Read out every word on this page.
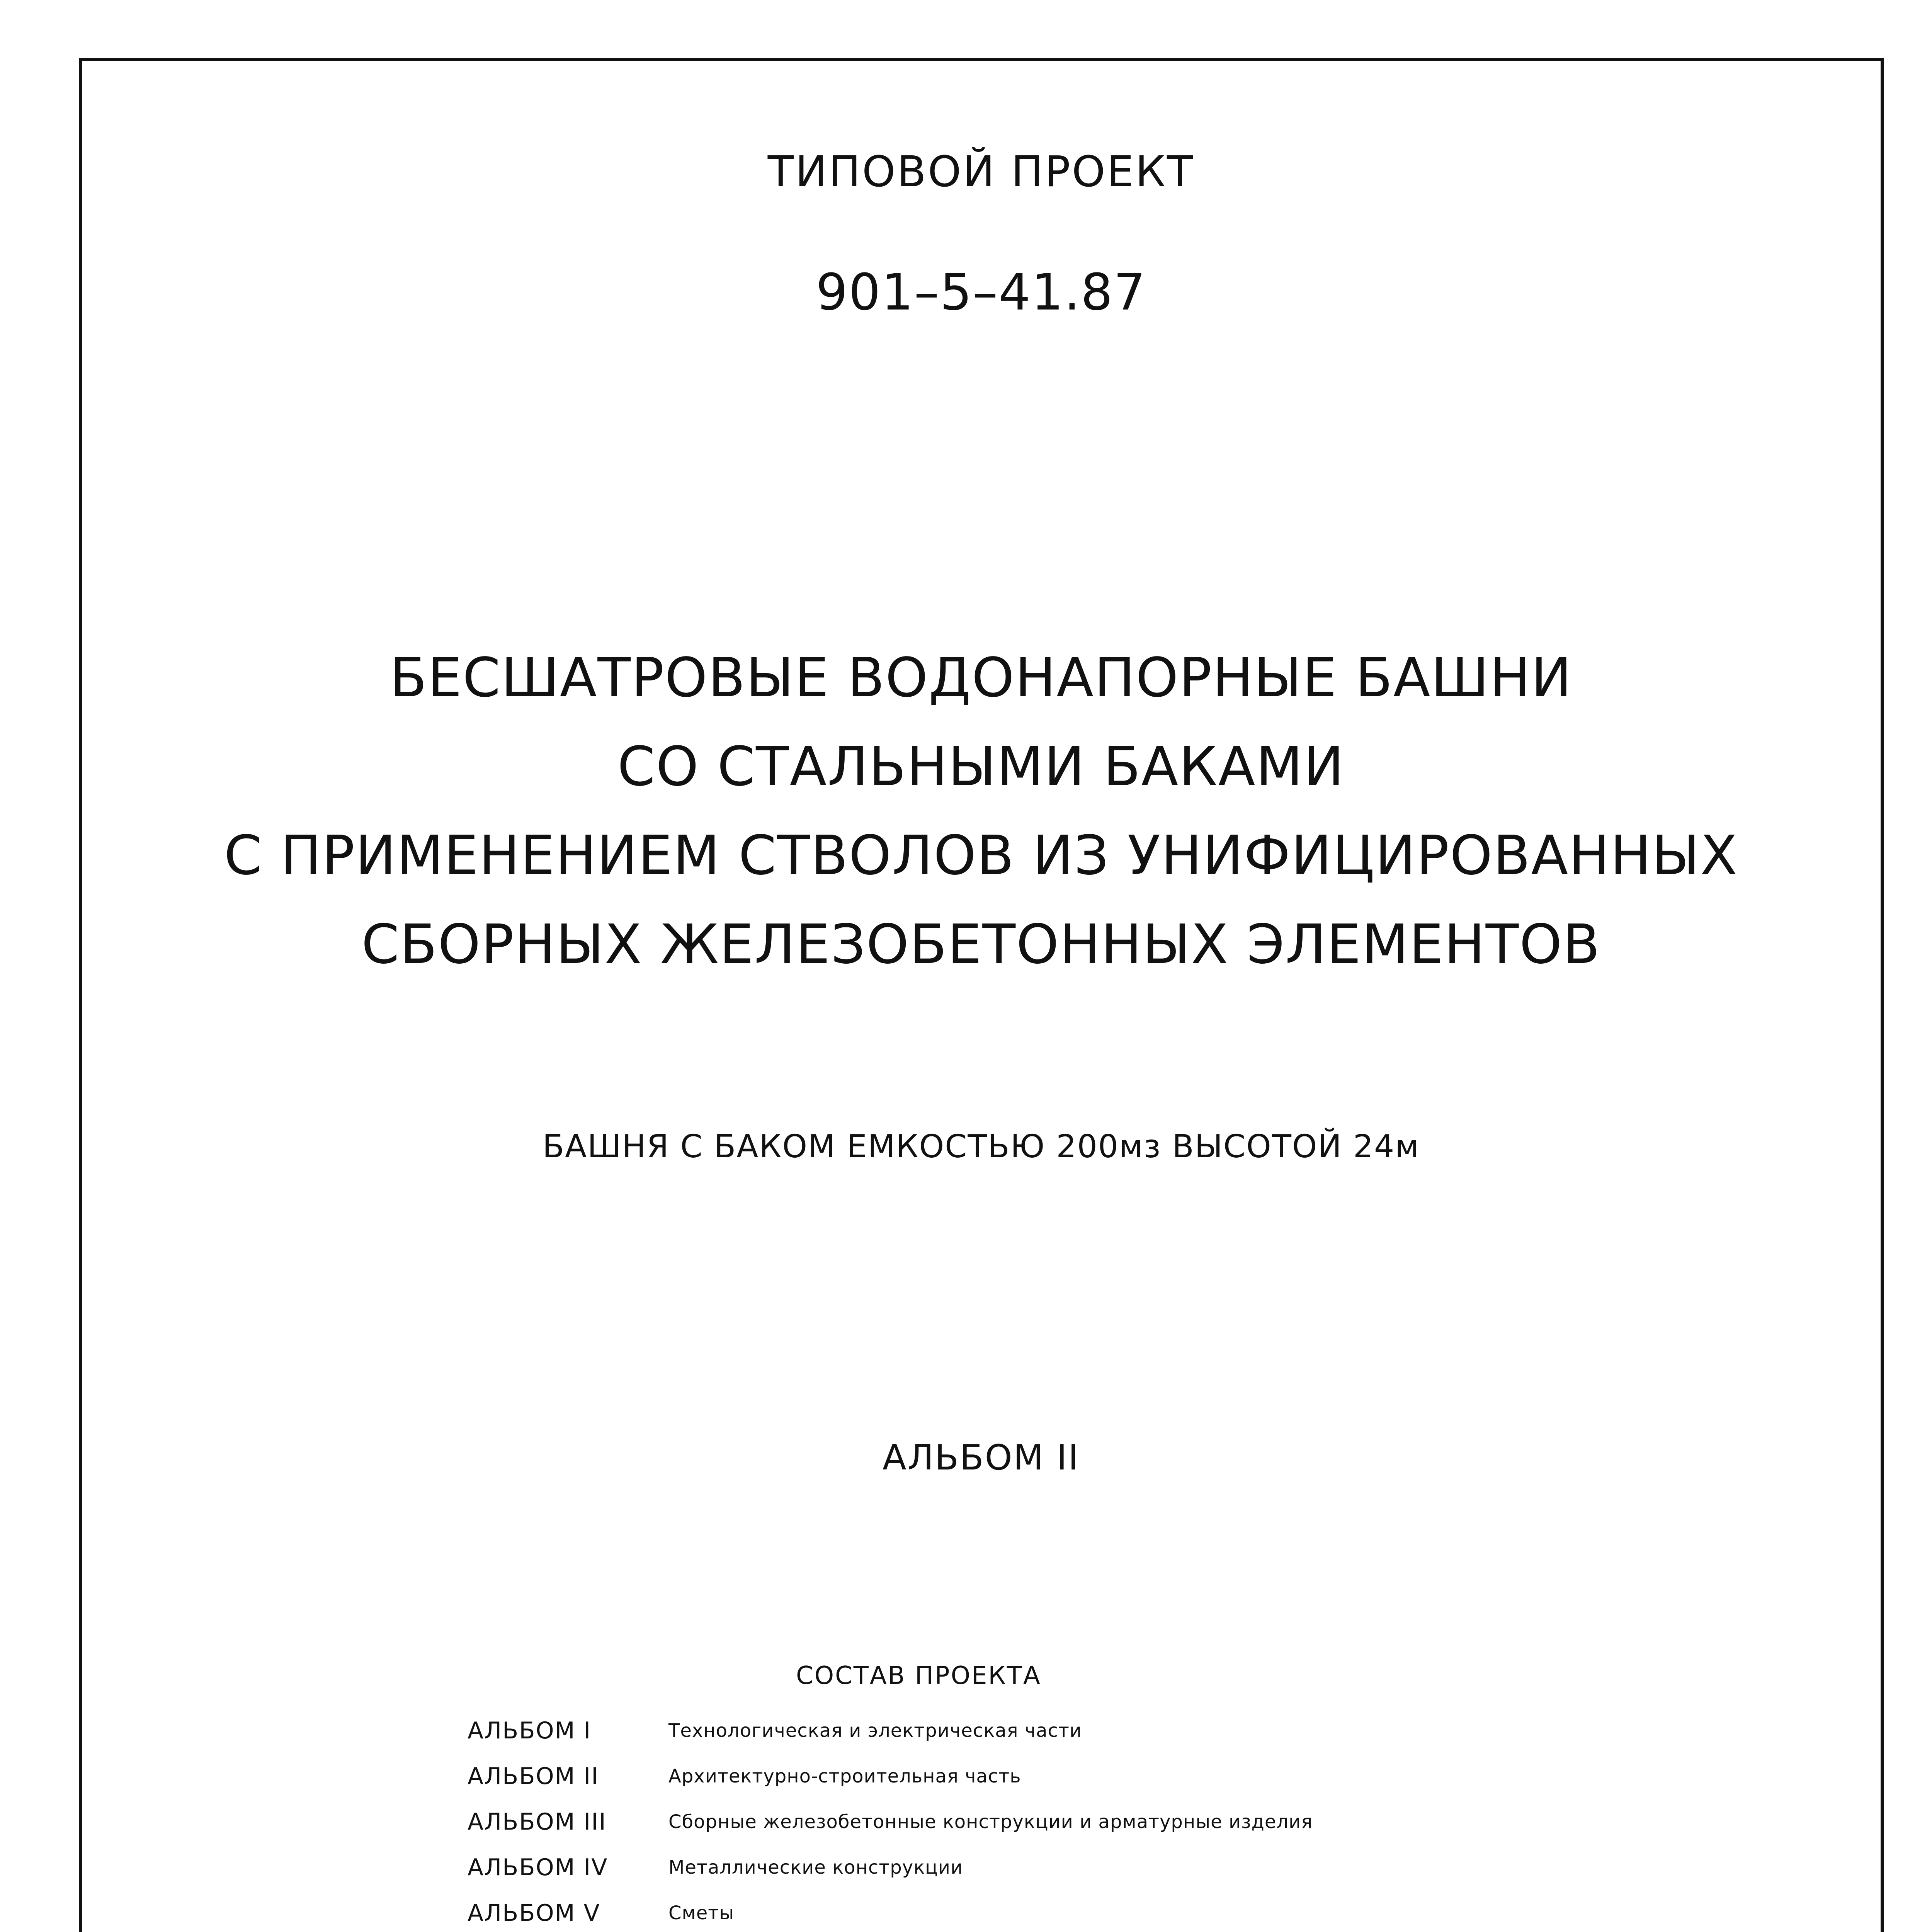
ТИПОВОЙ ПРОЕКТ
901–5–41.87
БЕСШАТРОВЫЕ ВОДОНАПОРНЫЕ БАШНИ
СО СТАЛЬНЫМИ БАКАМИ
С ПРИМЕНЕНИЕМ СТВОЛОВ ИЗ УНИФИЦИРОВАННЫХ
СБОРНЫХ ЖЕЛЕЗОБЕТОННЫХ ЭЛЕМЕНТОВ
БАШНЯ С БАКОМ ЕМКОСТЬЮ 200мз ВЫСОТОЙ 24м
АЛЬБОМ II
СОСТАВ ПРОЕКТА
АЛЬБОМ I	Технологическая и электрическая части
АЛЬБОМ II	Архитектурно-строительная часть
АЛЬБОМ III	Сборные железобетонные конструкции и арматурные изделия
АЛЬБОМ IV	Металлические конструкции
АЛЬБОМ V	Сметы
